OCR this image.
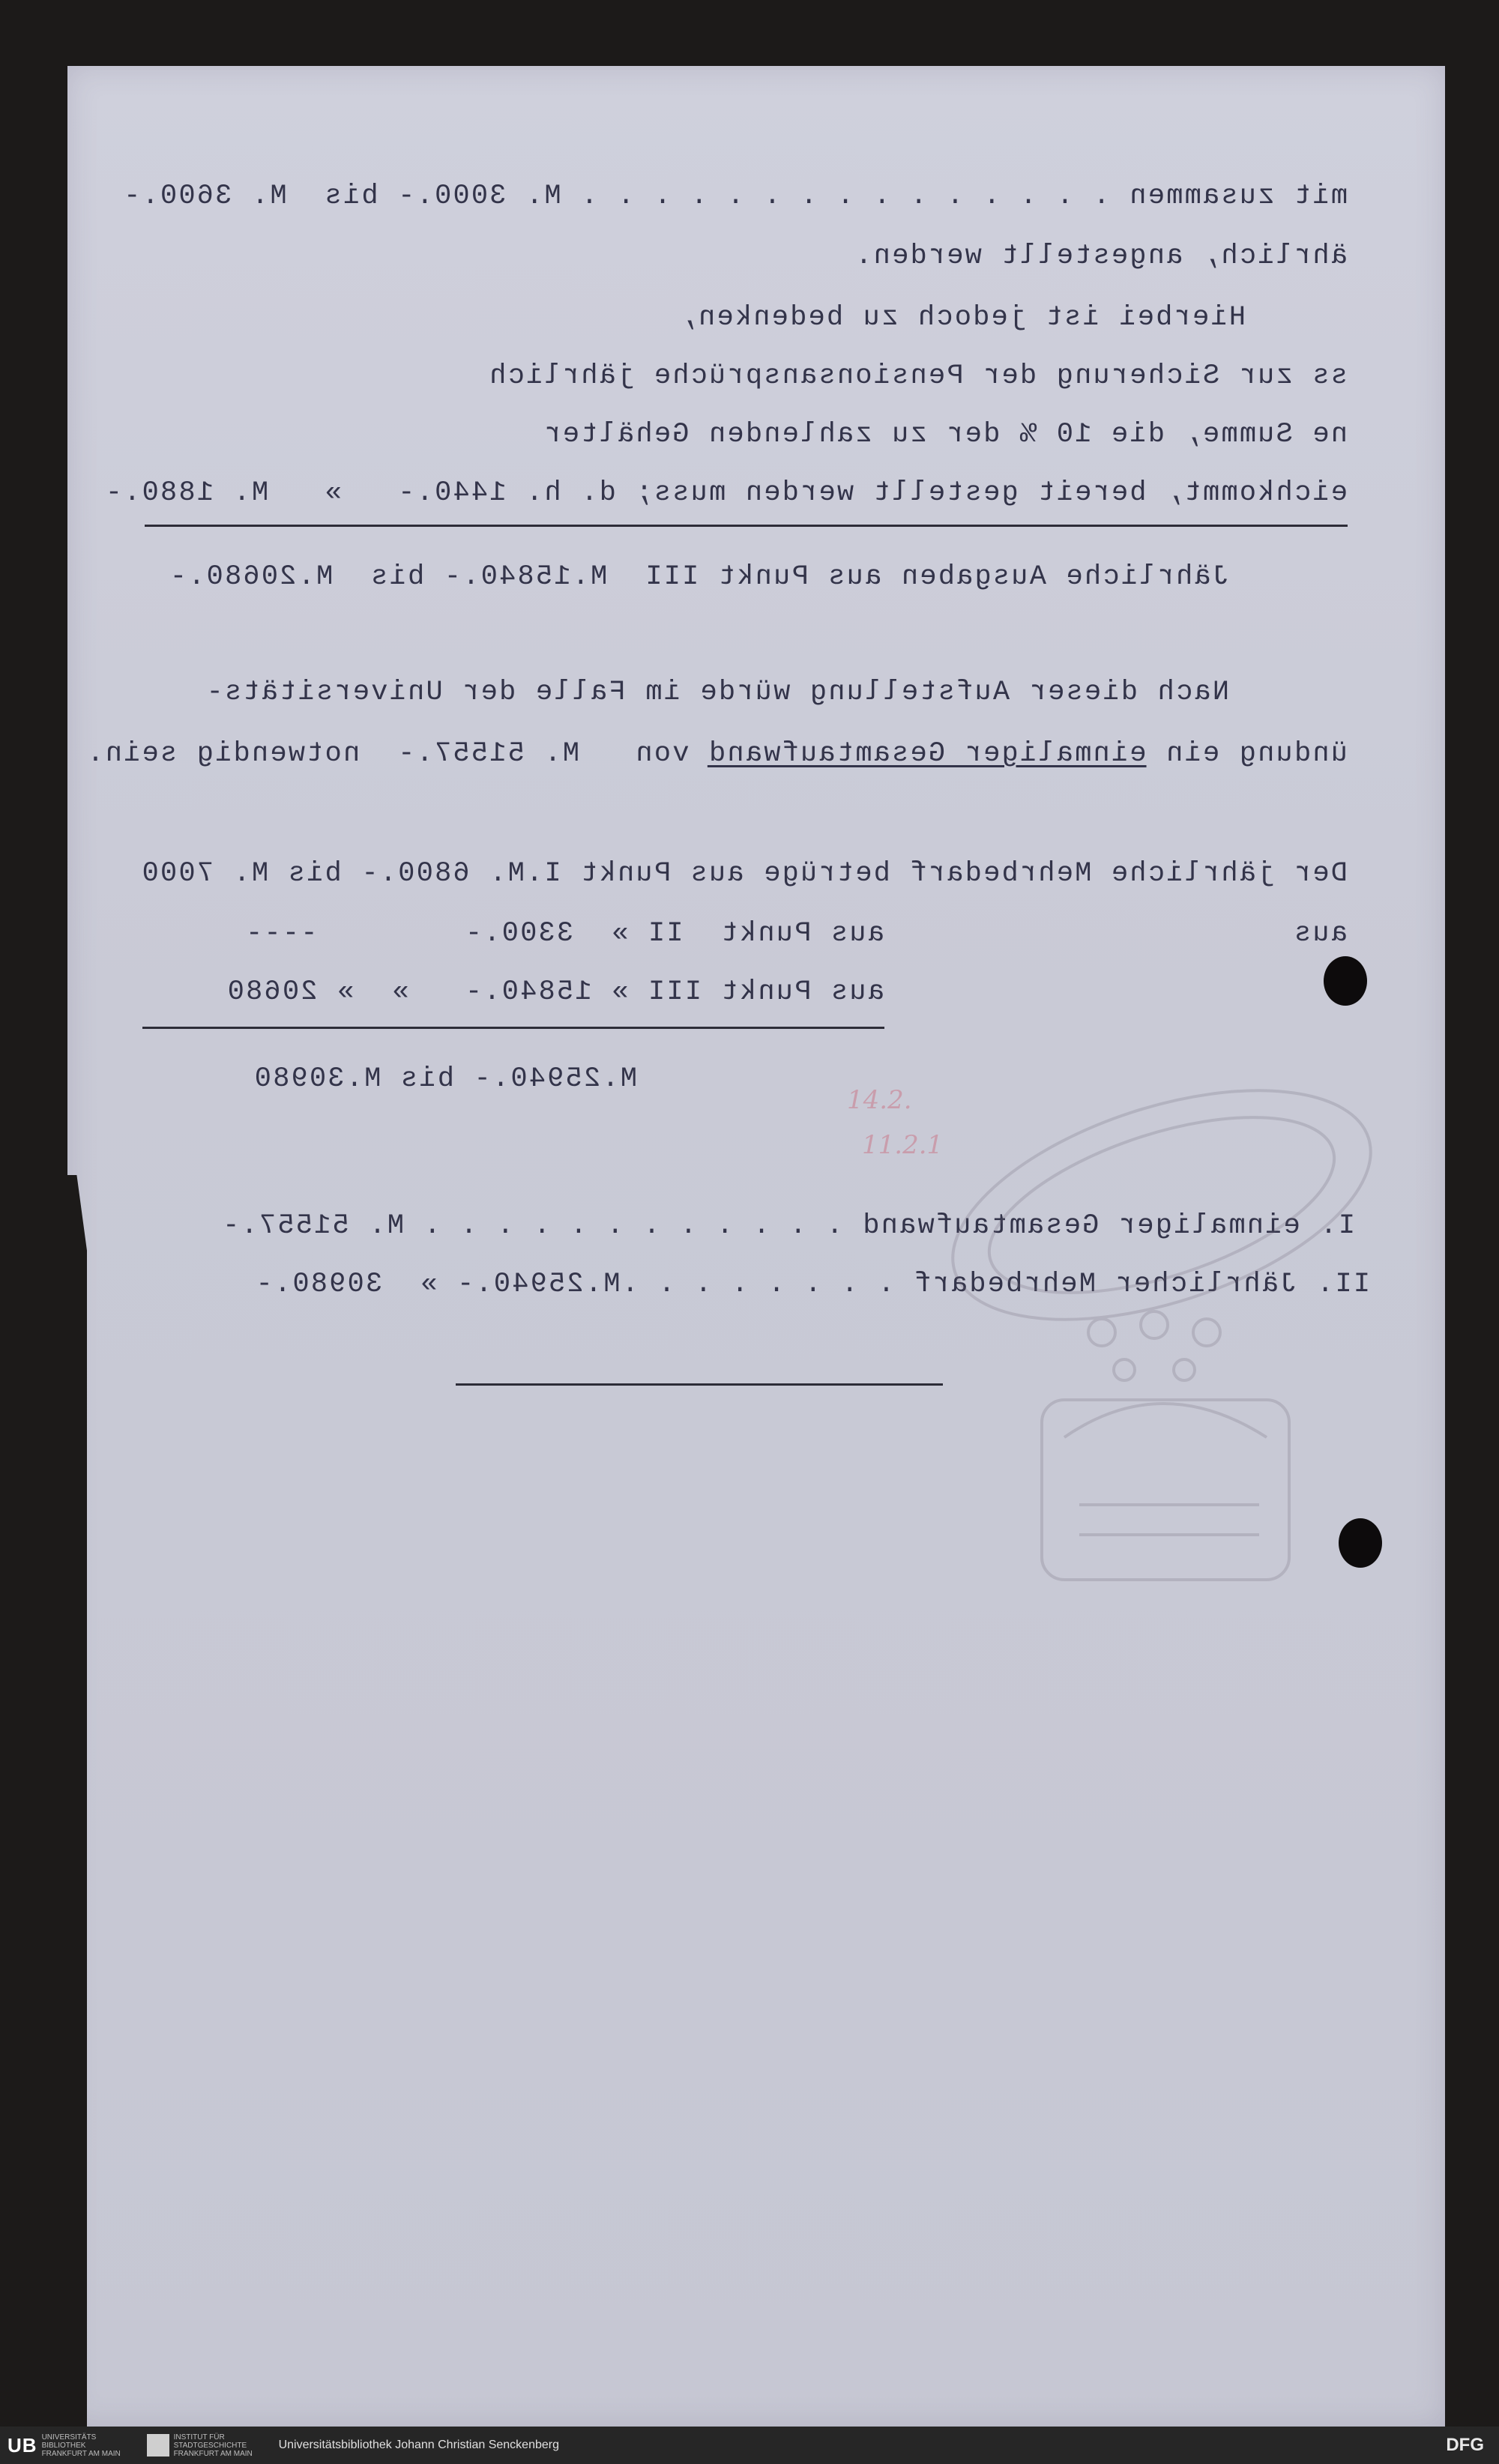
mit zusammen . . . . . . . . . . . . . . . M. 3000.- bis  M. 3600.-
ährlich, angestellt werden.
Hierbei ist jedoch zu bedenken,
ss zur Sicherung der Pensionsansprüche jährlich
ne Summe, die 10 % der zu zahlenden Gehälter
eichkommt, bereit gestellt werden muss; d. h. 1440.-   »   M. 1880.-
Jährliche Ausgaben aus Punkt III  M.15840.- bis  M.20680.-
Nach dieser Aufstellung würde im Falle der Universitäts-
ündung ein einmaliger Gesamtaufwand von   M. 51557.-  notwendig sein.
Der jährliche Mehrbedarf betrüge aus Punkt I.M. 6800.- bis M. 7000
aus
aus Punkt  II »  3300.-        ----
aus Punkt III » 15840.-   »  » 20680
M.25940.- bis M.30980
I. einmaliger Gesamtaufwand . . . . . . . . . . . . M. 51557.-
II. Jährlicher Mehrbedarf . . . . . . . .M.25940.- »  30980.-
14.2.
11.2.1
UB UNIVERSITÄTS BIBLIOTHEK FRANKFURT AM MAIN
INSTITUT FÜR STADTGESCHICHTE FRANKFURT AM MAIN
Universitätsbibliothek Johann Christian Senckenberg	DFG
